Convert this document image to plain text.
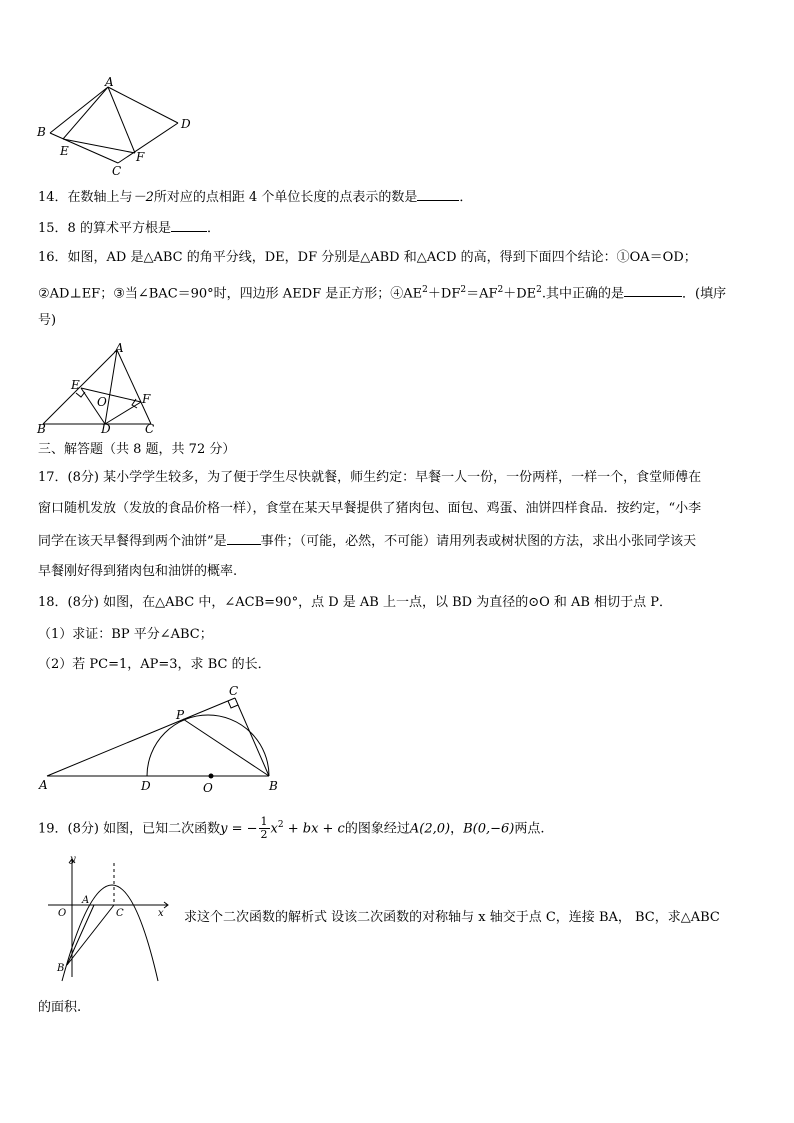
A
B
C
D
E	F
14．在数轴上与－2所对应的点相距 4 个单位长度的点表示的数是	．
15．8 的算术平方根是	．
16．如图，AD 是△ABC 的角平分线，DE，DF 分别是△ABD 和△ACD 的高，得到下面四个结论：①OA＝OD；
②AD⊥EF；③当∠BAC＝90°时，四边形 AEDF 是正方形；$④AE^2+DF^2=AF^2+DE^2$.其中正确的是	．(填序
号)
A
B	C
D
E
F
O
三、解答题（共 8 题，共 72 分）
17．(8分) 某小学学生较多，为了便于学生尽快就餐，师生约定：早餐一人一份，一份两样，一样一个，食堂师傅在
窗口随机发放（发放的食品价格一样），食堂在某天早餐提供了猪肉包、面包、鸡蛋、油饼四样食品．按约定，“小李
同学在该天早餐得到两个油饼”是	事件；（可能，必然，不可能）请用列表或树状图的方法，求出小张同学该天
早餐刚好得到猪肉包和油饼的概率.
18．(8分) 如图，在△ABC 中，∠ACB=90°，点 D 是 AB 上一点，以 BD 为直径的⊙O 和 AB 相切于点 P．
（1）求证：BP 平分∠ABC；
（2）若 PC=1，AP=3，求 BC 的长．
A	B
C
D	O
P
19．(8分) 如图，已知二次函数y = − $\frac{1}{2} x^2$ + bx + c的图象经过A(2,0)，B(0,−6)两点.
y
x
O
A
C
B
求这个二次函数的解析式 设该二次函数的对称轴与 x 轴交于点 C，连接 BA， BC，求△ABC
的面积.
